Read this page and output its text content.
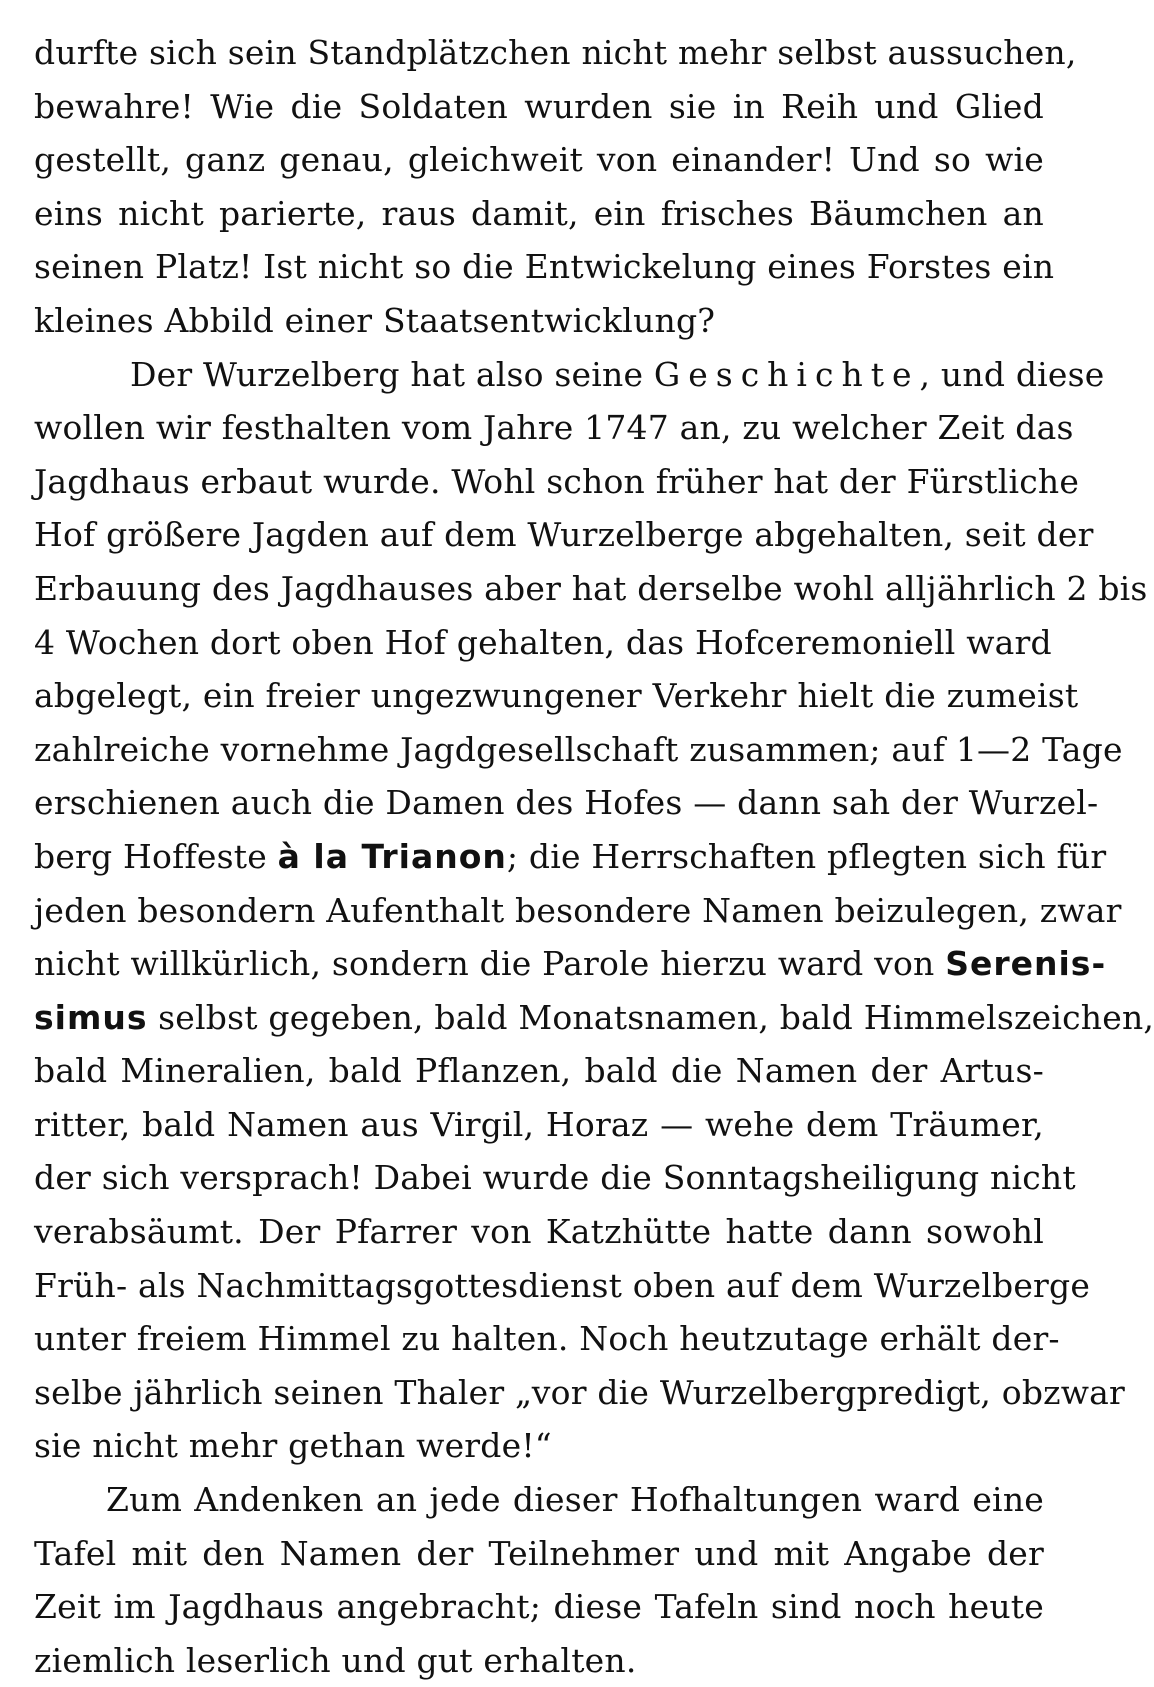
durfte sich sein Standplätzchen nicht mehr selbst aussuchen,
bewahre! Wie die Soldaten wurden sie in Reih und Glied
gestellt, ganz genau, gleichweit von einander! Und so wie
eins nicht parierte, raus damit, ein frisches Bäumchen an
seinen Platz! Ist nicht so die Entwickelung eines Forstes ein
kleines Abbild einer Staatsentwicklung?

Der Wurzelberg hat also seine Geschichte, und diese
wollen wir festhalten vom Jahre 1747 an, zu welcher Zeit das
Jagdhaus erbaut wurde. Wohl schon früher hat der Fürstliche
Hof größere Jagden auf dem Wurzelberge abgehalten, seit der
Erbauung des Jagdhauses aber hat derselbe wohl alljährlich 2 bis
4 Wochen dort oben Hof gehalten, das Hofceremoniell ward
abgelegt, ein freier ungezwungener Verkehr hielt die zumeist
zahlreiche vornehme Jagdgesellschaft zusammen; auf 1—2 Tage
erschienen auch die Damen des Hofes — dann sah der Wurzel-
berg Hoffeste à la Trianon; die Herrschaften pflegten sich für
jeden besondern Aufenthalt besondere Namen beizulegen, zwar
nicht willkürlich, sondern die Parole hierzu ward von Serenis-
simus selbst gegeben, bald Monatsnamen, bald Himmelszeichen,
bald Mineralien, bald Pflanzen, bald die Namen der Artus-
ritter, bald Namen aus Virgil, Horaz — wehe dem Träumer,
der sich versprach! Dabei wurde die Sonntagsheiligung nicht
verabsäumt. Der Pfarrer von Katzhütte hatte dann sowohl
Früh- als Nachmittagsgottesdienst oben auf dem Wurzelberge
unter freiem Himmel zu halten. Noch heutzutage erhält der-
selbe jährlich seinen Thaler „vor die Wurzelbergpredigt, obzwar
sie nicht mehr gethan werde!“

Zum Andenken an jede dieser Hofhaltungen ward eine
Tafel mit den Namen der Teilnehmer und mit Angabe der
Zeit im Jagdhaus angebracht; diese Tafeln sind noch heute
ziemlich leserlich und gut erhalten.
